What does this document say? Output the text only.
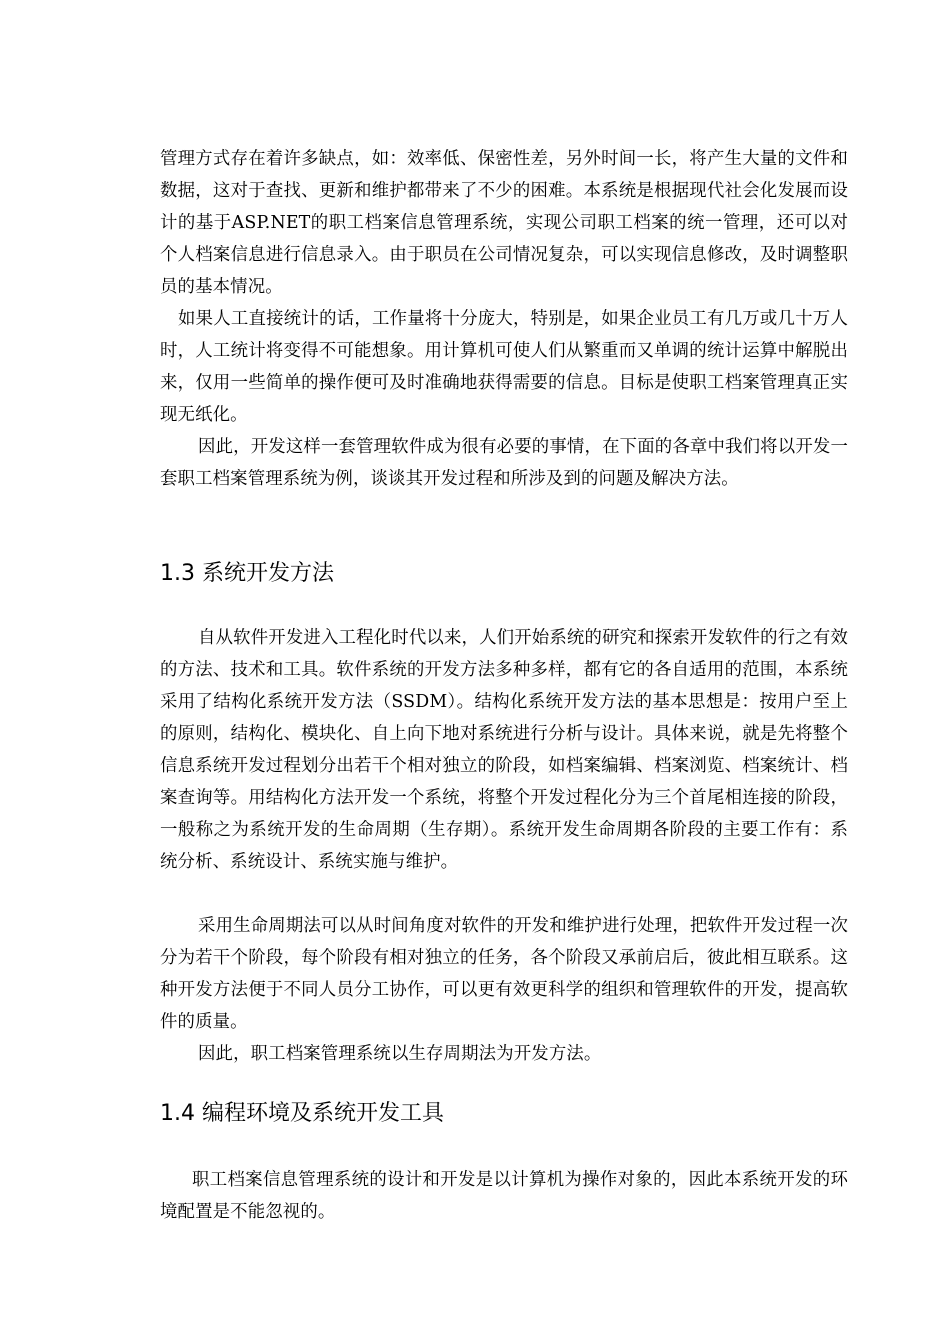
管理方式存在着许多缺点，如：效率低、保密性差，另外时间一长，将产生大量的文件和数据，这对于查找、更新和维护都带来了不少的困难。本系统是根据现代社会化发展而设计的基于ASP.NET的职工档案信息管理系统，实现公司职工档案的统一管理，还可以对个人档案信息进行信息录入。由于职员在公司情况复杂，可以实现信息修改，及时调整职员的基本情况。

如果人工直接统计的话，工作量将十分庞大，特别是，如果企业员工有几万或几十万人时，人工统计将变得不可能想象。用计算机可使人们从繁重而又单调的统计运算中解脱出来，仅用一些简单的操作便可及时准确地获得需要的信息。目标是使职工档案管理真正实现无纸化。

因此，开发这样一套管理软件成为很有必要的事情，在下面的各章中我们将以开发一套职工档案管理系统为例，谈谈其开发过程和所涉及到的问题及解决方法。

1.3 系统开发方法

自从软件开发进入工程化时代以来，人们开始系统的研究和探索开发软件的行之有效的方法、技术和工具。软件系统的开发方法多种多样，都有它的各自适用的范围，本系统采用了结构化系统开发方法（SSDM）。结构化系统开发方法的基本思想是：按用户至上的原则，结构化、模块化、自上向下地对系统进行分析与设计。具体来说，就是先将整个信息系统开发过程划分出若干个相对独立的阶段，如档案编辑、档案浏览、档案统计、档案查询等。用结构化方法开发一个系统，将整个开发过程化分为三个首尾相连接的阶段，一般称之为系统开发的生命周期（生存期）。系统开发生命周期各阶段的主要工作有：系统分析、系统设计、系统实施与维护。

采用生命周期法可以从时间角度对软件的开发和维护进行处理，把软件开发过程一次分为若干个阶段，每个阶段有相对独立的任务，各个阶段又承前启后，彼此相互联系。这种开发方法便于不同人员分工协作，可以更有效更科学的组织和管理软件的开发，提高软件的质量。

因此，职工档案管理系统以生存周期法为开发方法。

1.4 编程环境及系统开发工具

职工档案信息管理系统的设计和开发是以计算机为操作对象的，因此本系统开发的环境配置是不能忽视的。
